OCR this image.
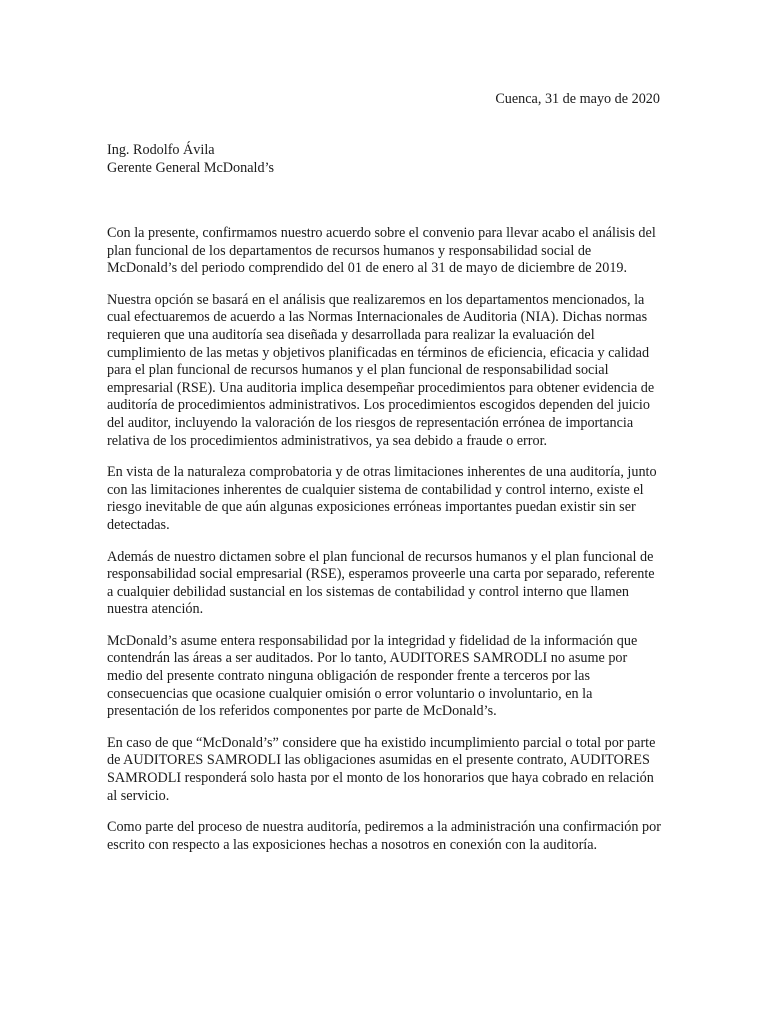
Cuenca, 31 de mayo de 2020
Ing. Rodolfo Ávila
Gerente General McDonald’s

Con la presente, confirmamos nuestro acuerdo sobre el convenio para llevar acabo el análisis del plan funcional de los departamentos de recursos humanos y responsabilidad social de McDonald’s del periodo comprendido del 01 de enero al 31 de mayo de diciembre de 2019.

Nuestra opción se basará en el análisis que realizaremos en los departamentos mencionados, la cual efectuaremos de acuerdo a las Normas Internacionales de Auditoria (NIA). Dichas normas requieren que una auditoría sea diseñada y desarrollada para realizar la evaluación del cumplimiento de las metas y objetivos planificadas en términos de eficiencia, eficacia y calidad para el plan funcional de recursos humanos y el plan funcional de responsabilidad social empresarial (RSE). Una auditoria implica desempeñar procedimientos para obtener evidencia de auditoría de procedimientos administrativos. Los procedimientos escogidos dependen del juicio del auditor, incluyendo la valoración de los riesgos de representación errónea de importancia relativa de los procedimientos administrativos, ya sea debido a fraude o error.

En vista de la naturaleza comprobatoria y de otras limitaciones inherentes de una auditoría, junto con las limitaciones inherentes de cualquier sistema de contabilidad y control interno, existe el riesgo inevitable de que aún algunas exposiciones erróneas importantes puedan existir sin ser detectadas.

Además de nuestro dictamen sobre el plan funcional de recursos humanos y el plan funcional de responsabilidad social empresarial (RSE), esperamos proveerle una carta por separado, referente a cualquier debilidad sustancial en los sistemas de contabilidad y control interno que llamen nuestra atención.

McDonald’s asume entera responsabilidad por la integridad y fidelidad de la información que contendrán las áreas a ser auditados. Por lo tanto, AUDITORES SAMRODLI no asume por medio del presente contrato ninguna obligación de responder frente a terceros por las consecuencias que ocasione cualquier omisión o error voluntario o involuntario, en la presentación de los referidos componentes por parte de McDonald’s.

En caso de que “McDonald’s” considere que ha existido incumplimiento parcial o total por parte de AUDITORES SAMRODLI las obligaciones asumidas en el presente contrato, AUDITORES SAMRODLI responderá solo hasta por el monto de los honorarios que haya cobrado en relación al servicio.

Como parte del proceso de nuestra auditoría, pediremos a la administración una confirmación por escrito con respecto a las exposiciones hechas a nosotros en conexión con la auditoría.
